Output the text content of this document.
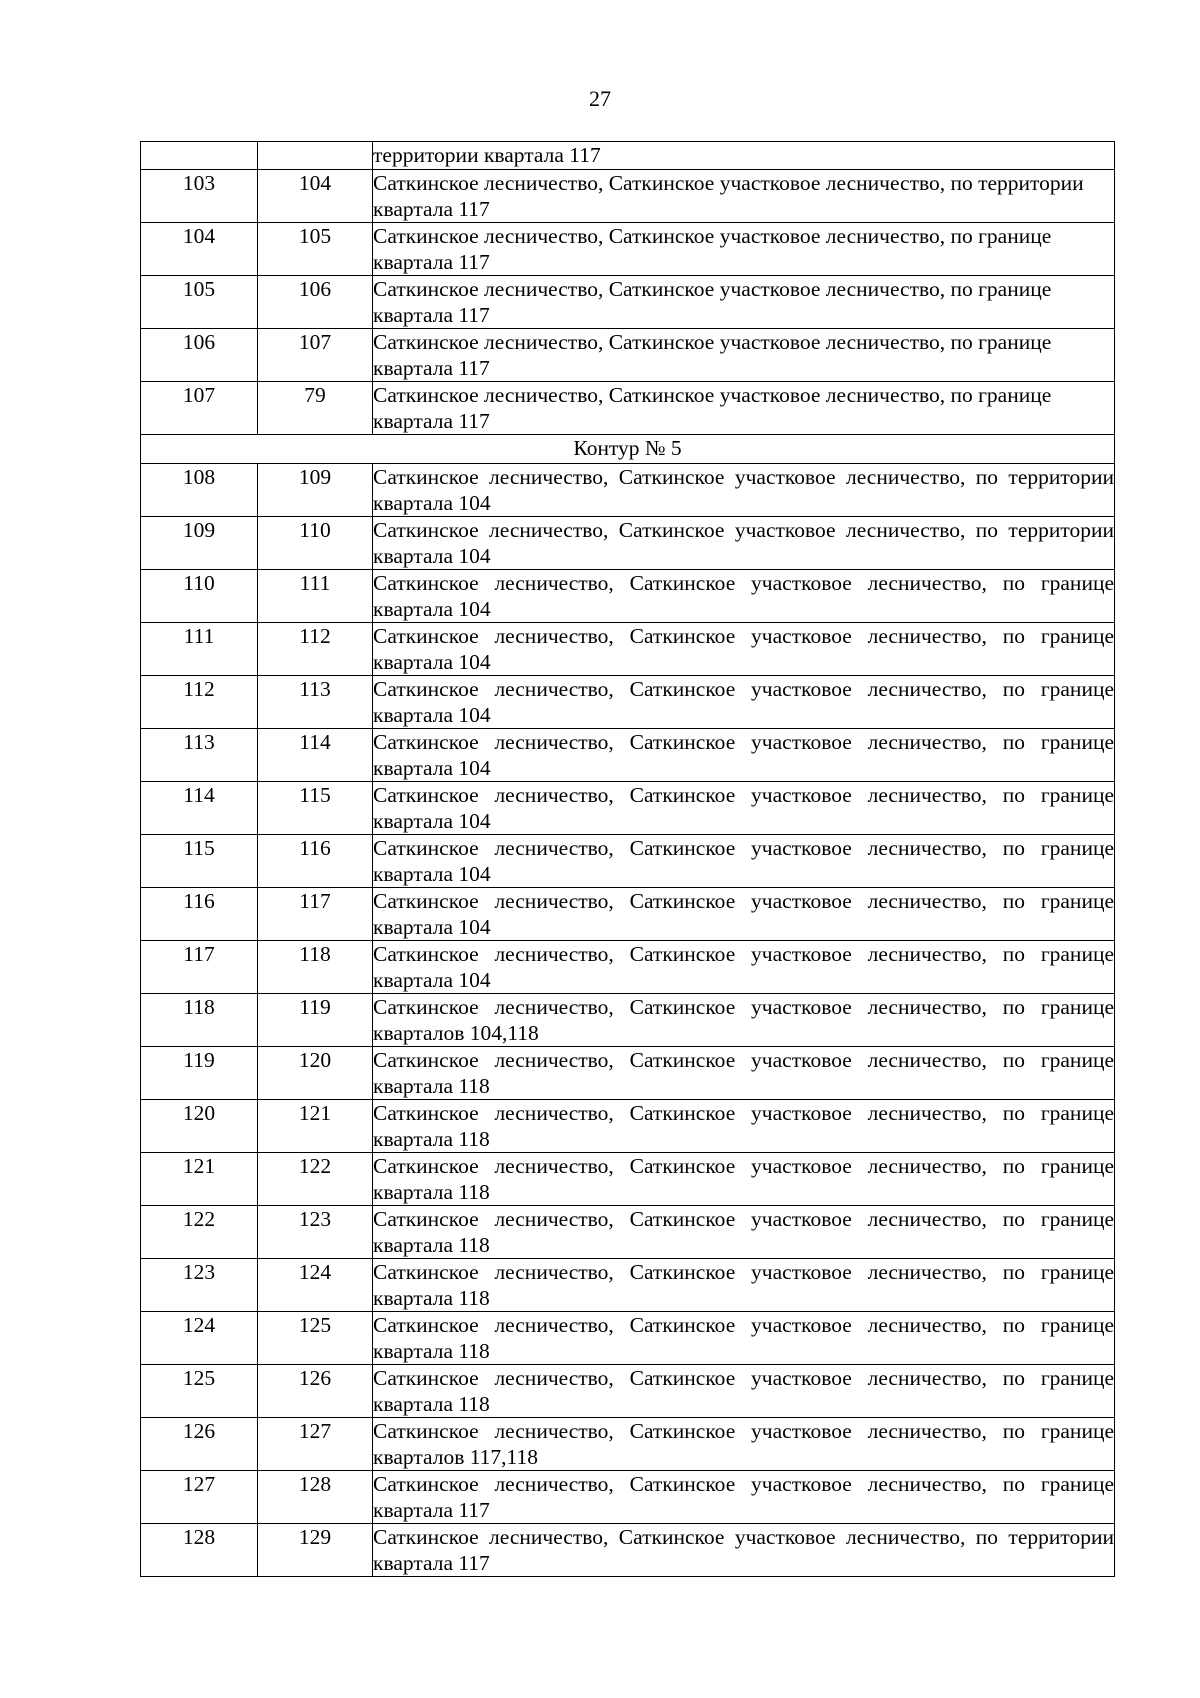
27
		территории квартала 117
103	104	Саткинское лесничество, Саткинское участковое лесничество, по территории квартала 117
104	105	Саткинское лесничество, Саткинское участковое лесничество, по границе квартала 117
105	106	Саткинское лесничество, Саткинское участковое лесничество, по границе квартала 117
106	107	Саткинское лесничество, Саткинское участковое лесничество, по границе квартала 117
107	79	Саткинское лесничество, Саткинское участковое лесничество, по границе квартала 117
Контур № 5		
108	109	Саткинское лесничество, Саткинское участковое лесничество, по территории квартала 104
109	110	Саткинское лесничество, Саткинское участковое лесничество, по территории квартала 104
110	111	Саткинское лесничество, Саткинское участковое лесничество, по границе квартала 104
111	112	Саткинское лесничество, Саткинское участковое лесничество, по границе квартала 104
112	113	Саткинское лесничество, Саткинское участковое лесничество, по границе квартала 104
113	114	Саткинское лесничество, Саткинское участковое лесничество, по границе квартала 104
114	115	Саткинское лесничество, Саткинское участковое лесничество, по границе квартала 104
115	116	Саткинское лесничество, Саткинское участковое лесничество, по границе квартала 104
116	117	Саткинское лесничество, Саткинское участковое лесничество, по границе квартала 104
117	118	Саткинское лесничество, Саткинское участковое лесничество, по границе квартала 104
118	119	Саткинское лесничество, Саткинское участковое лесничество, по границе кварталов 104,118
119	120	Саткинское лесничество, Саткинское участковое лесничество, по границе квартала 118
120	121	Саткинское лесничество, Саткинское участковое лесничество, по границе квартала 118
121	122	Саткинское лесничество, Саткинское участковое лесничество, по границе квартала 118
122	123	Саткинское лесничество, Саткинское участковое лесничество, по границе квартала 118
123	124	Саткинское лесничество, Саткинское участковое лесничество, по границе квартала 118
124	125	Саткинское лесничество, Саткинское участковое лесничество, по границе квартала 118
125	126	Саткинское лесничество, Саткинское участковое лесничество, по границе квартала 118
126	127	Саткинское лесничество, Саткинское участковое лесничество, по границе кварталов 117,118
127	128	Саткинское лесничество, Саткинское участковое лесничество, по границе квартала 117
128	129	Саткинское лесничество, Саткинское участковое лесничество, по территории квартала 117
